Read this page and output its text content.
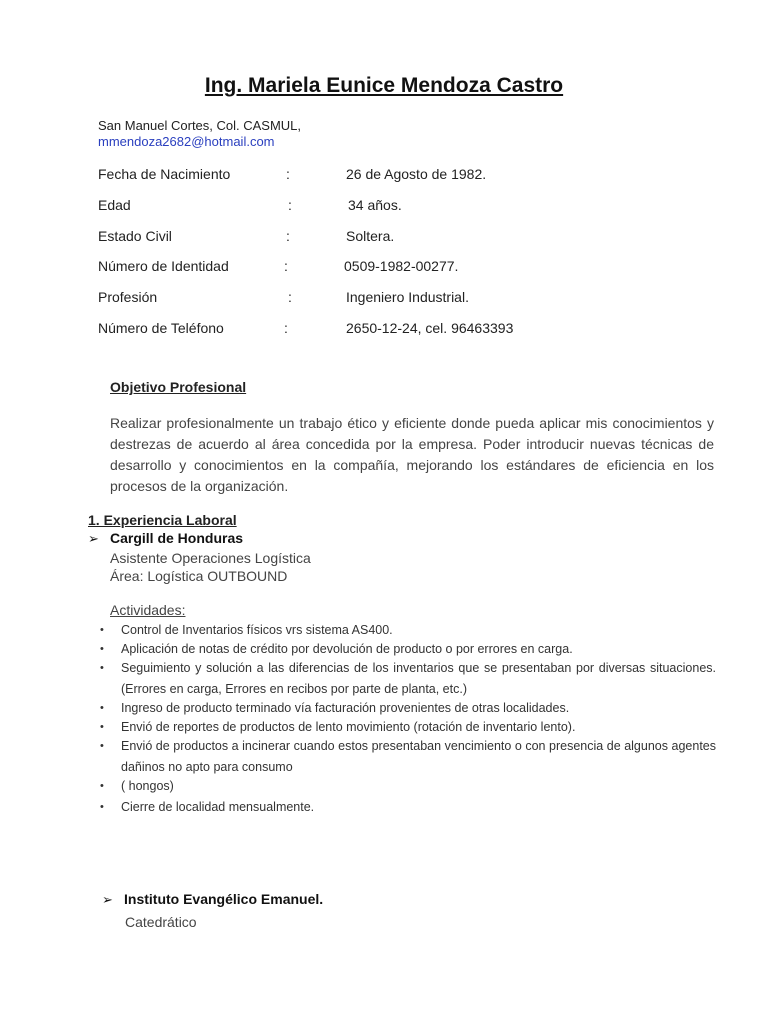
Ing. Mariela Eunice Mendoza Castro
San Manuel Cortes, Col. CASMUL,
mmendoza2682@hotmail.com
Fecha de Nacimiento	:	26 de Agosto de 1982.
Edad	:	34 años.
Estado Civil	:	Soltera.
Número de Identidad	:	0509-1982-00277.
Profesión	:	Ingeniero Industrial.
Número de Teléfono	:	2650-12-24, cel. 96463393
Objetivo Profesional
Realizar profesionalmente un trabajo ético y eficiente donde pueda aplicar mis conocimientos y destrezas de acuerdo al área concedida por la empresa. Poder introducir nuevas técnicas de desarrollo y conocimientos en la compañía, mejorando los estándares de eficiencia en los procesos de la organización.
1. Experiencia Laboral
➢ Cargill de Honduras
Asistente Operaciones Logística
Área: Logística OUTBOUND
Actividades:
• Control de Inventarios físicos vrs sistema AS400.
• Aplicación de notas de crédito por devolución de producto o por errores en carga.
• Seguimiento y solución a las diferencias de los inventarios que se presentaban por diversas situaciones. (Errores en carga, Errores en recibos por parte de planta, etc.)
• Ingreso de producto terminado vía facturación provenientes de otras localidades.
• Envió de reportes de productos de lento movimiento (rotación de inventario lento).
• Envió de productos a incinerar cuando estos presentaban vencimiento o con presencia de algunos agentes dañinos no apto para consumo
• ( hongos)
• Cierre de localidad mensualmente.
➢ Instituto Evangélico Emanuel.
Catedrático
